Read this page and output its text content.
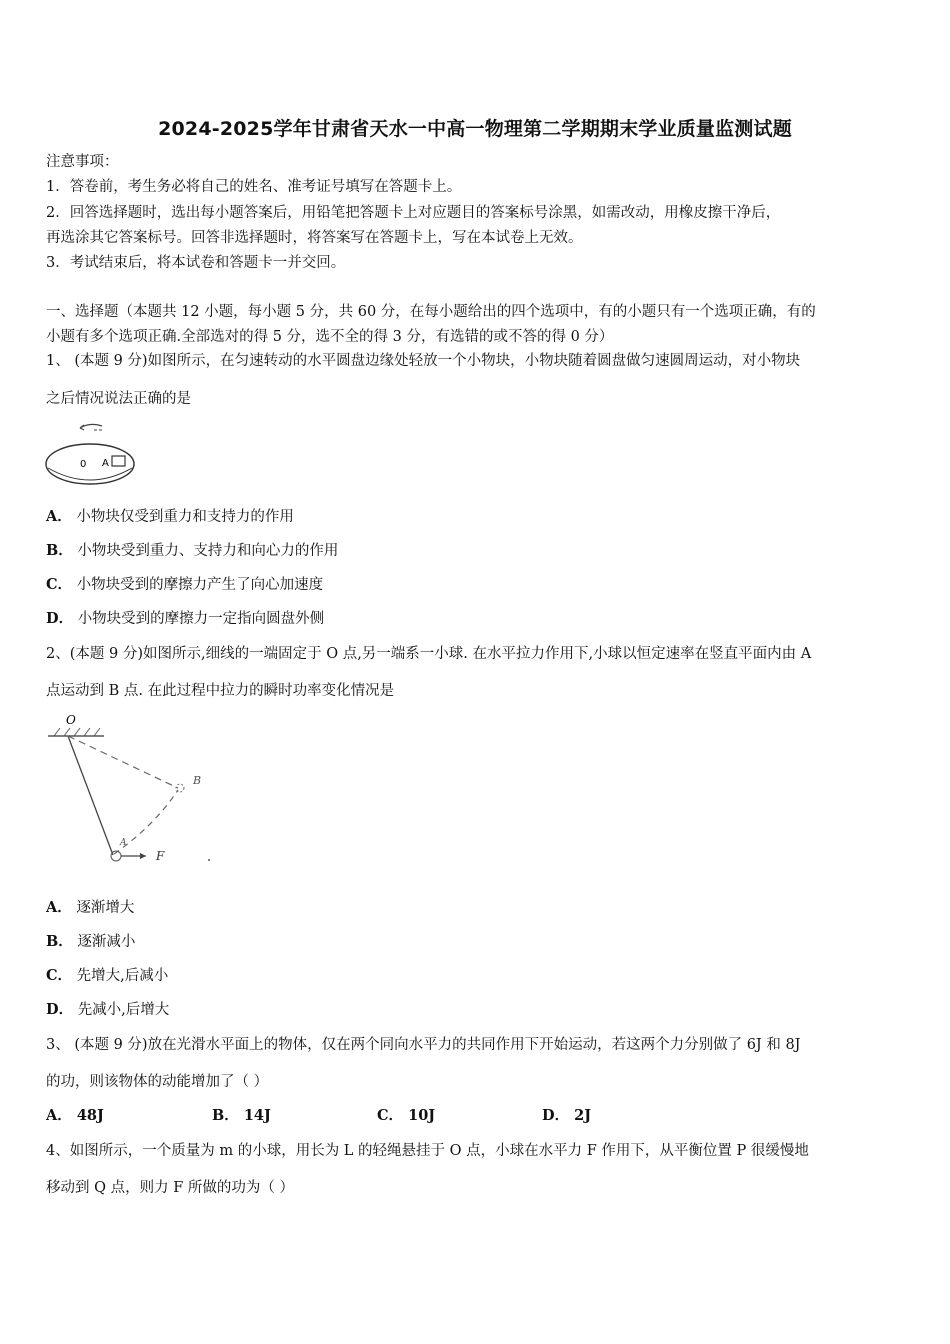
2024-2025学年甘肃省天水一中高一物理第二学期期末学业质量监测试题
注意事项：
1．答卷前，考生务必将自己的姓名、准考证号填写在答题卡上。
2．回答选择题时，选出每小题答案后，用铅笔把答题卡上对应题目的答案标号涂黑，如需改动，用橡皮擦干净后，
再选涂其它答案标号。回答非选择题时，将答案写在答题卡上，写在本试卷上无效。
3．考试结束后，将本试卷和答题卡一并交回。
一、选择题（本题共 12 小题，每小题 5 分，共 60 分，在每小题给出的四个选项中，有的小题只有一个选项正确，有的
小题有多个选项正确.全部选对的得 5 分，选不全的得 3 分，有选错的或不答的得 0 分）
1、 (本题 9 分)如图所示，在匀速转动的水平圆盘边缘处轻放一个小物块，小物块随着圆盘做匀速圆周运动，对小物块
之后情况说法正确的是
0 A
A． 小物块仅受到重力和支持力的作用
B． 小物块受到重力、支持力和向心力的作用
C． 小物块受到的摩擦力产生了向心加速度
D． 小物块受到的摩擦力一定指向圆盘外侧
2、(本题 9 分)如图所示,细线的一端固定于 O 点,另一端系一小球. 在水平拉力作用下,小球以恒定速率在竖直平面内由 A
点运动到 B 点. 在此过程中拉力的瞬时功率变化情况是
O
B
A
F
A． 逐渐增大
B． 逐渐减小
C． 先增大,后减小
D． 先减小,后增大
3、 (本题 9 分)放在光滑水平面上的物体，仅在两个同向水平力的共同作用下开始运动，若这两个力分别做了 6J 和 8J
的功，则该物体的动能增加了（ ）
A． 48J	B． 14J	C． 10J	D． 2J
4、如图所示，一个质量为 m 的小球，用长为 L 的轻绳悬挂于 O 点，小球在水平力 F 作用下，从平衡位置 P 很缓慢地
移动到 Q 点，则力 F 所做的功为（ ）
